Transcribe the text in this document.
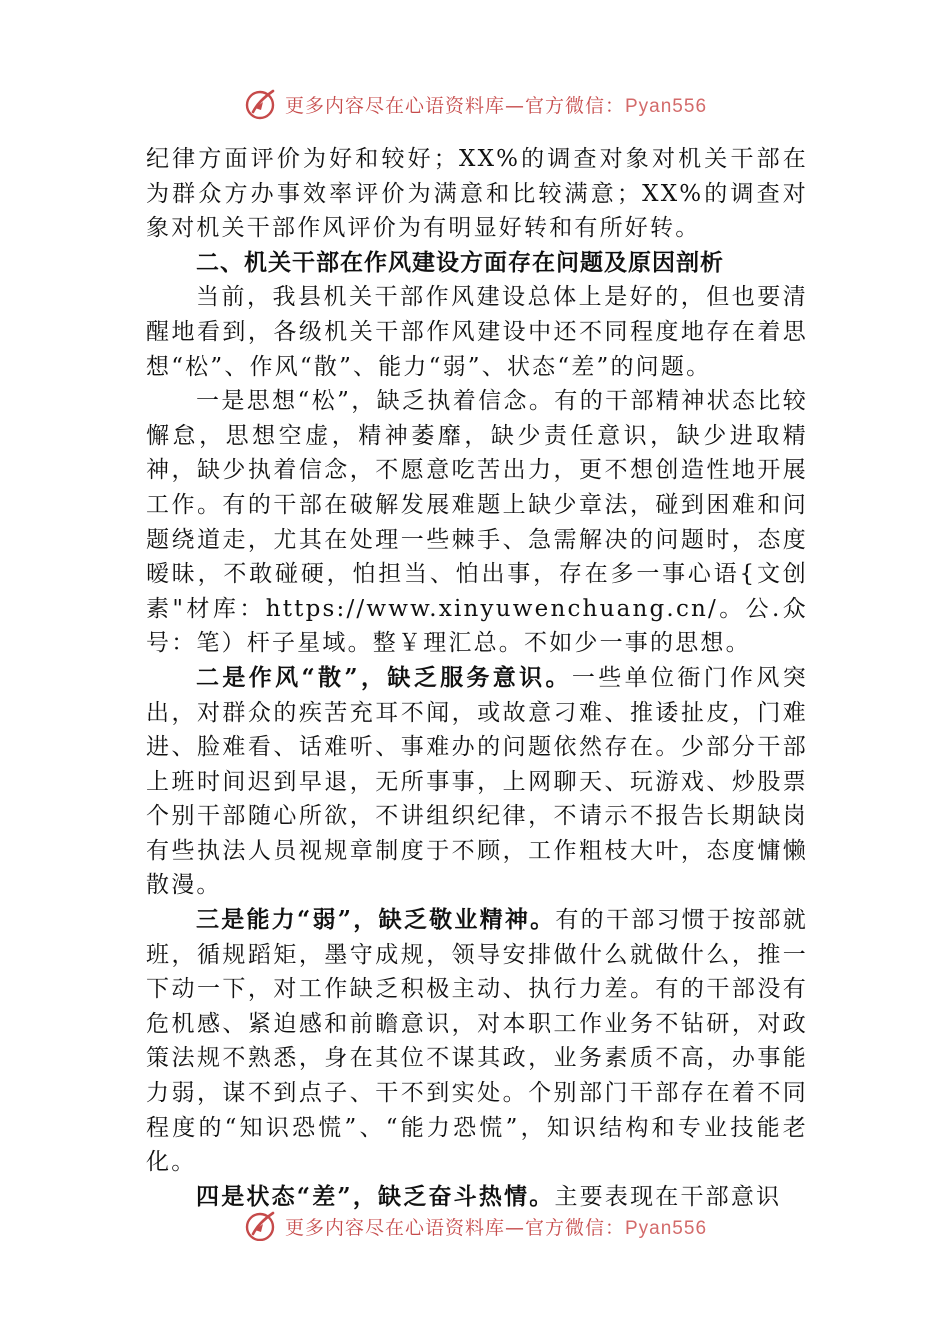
更多内容尽在心语资料库—官方微信：Pyan556

纪律方面评价为好和较好；XX%的调查对象对机关干部在为群众方办事效率评价为满意和比较满意；XX%的调查对象对机关干部作风评价为有明显好转和有所好转。

二、机关干部在作风建设方面存在问题及原因剖析

当前，我县机关干部作风建设总体上是好的，但也要清醒地看到，各级机关干部作风建设中还不同程度地存在着思想“松”、作风“散”、能力“弱”、状态“差”的问题。

一是思想“松”，缺乏执着信念。有的干部精神状态比较懈怠，思想空虚，精神萎靡，缺少责任意识，缺少进取精神，缺少执着信念，不愿意吃苦出力，更不想创造性地开展工作。有的干部在破解发展难题上缺少章法，碰到困难和问题绕道走，尤其在处理一些棘手、急需解决的问题时，态度暧昧，不敢碰硬，怕担当、怕出事，存在多一事心语{文创素"材库：https://www.xinyuwenchuang.cn/。公.众号：笔）杆子星域。整￥理汇总。不如少一事的思想。

二是作风“散”，缺乏服务意识。一些单位衙门作风突出，对群众的疾苦充耳不闻，或故意刁难、推诿扯皮，门难进、脸难看、话难听、事难办的问题依然存在。少部分干部上班时间迟到早退，无所事事，上网聊天、玩游戏、炒股票个别干部随心所欲，不讲组织纪律，不请示不报告长期缺岗有些执法人员视规章制度于不顾，工作粗枝大叶，态度慵懒散漫。

三是能力“弱”，缺乏敬业精神。有的干部习惯于按部就班，循规蹈矩，墨守成规，领导安排做什么就做什么，推一下动一下，对工作缺乏积极主动、执行力差。有的干部没有危机感、紧迫感和前瞻意识，对本职工作业务不钻研，对政策法规不熟悉，身在其位不谋其政，业务素质不高，办事能力弱，谋不到点子、干不到实处。个别部门干部存在着不同程度的“知识恐慌”、“能力恐慌”，知识结构和专业技能老化。

四是状态“差”，缺乏奋斗热情。主要表现在干部意识

更多内容尽在心语资料库—官方微信：Pyan556
